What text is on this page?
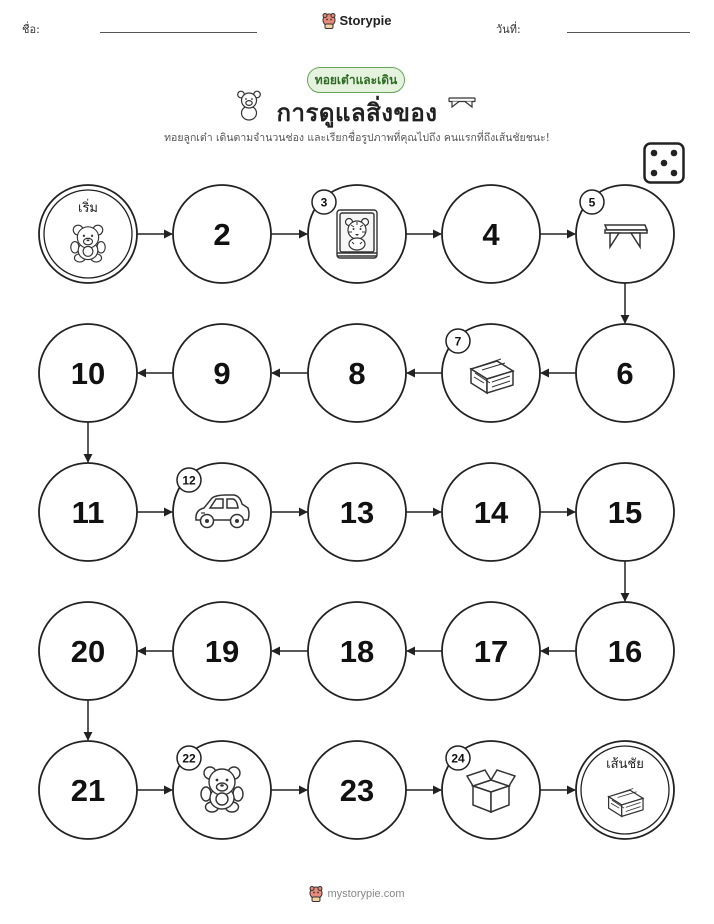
ชื่อ:
Storypie
วันที่:
ทอยเต๋าและเดิน
การดูแลสิ่งของ
ทอยลูกเต๋า เดินตามจำนวนช่อง และเรียกชื่อรูปภาพที่คุณไปถึง คนแรกที่ถึงเส้นชัยชนะ!
เริ่ม
2
3
4
5
6
7
8
9
10
11
12
13	14	15
16
17
18
19
20
21
22
23
24	เส้นชัย
mystorypie.com
